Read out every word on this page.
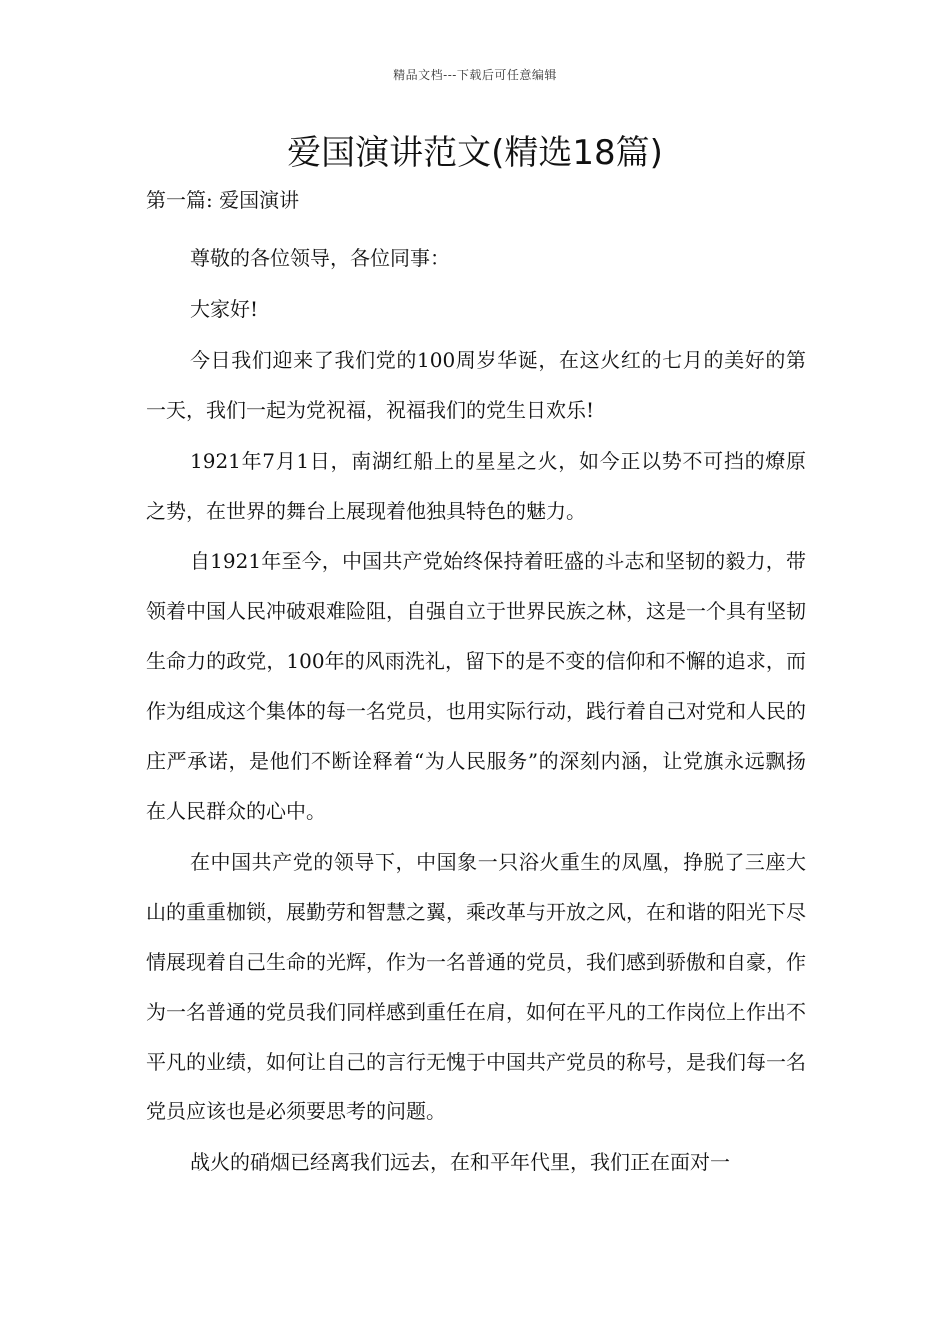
精品文档---下载后可任意编辑
爱国演讲范文(精选18篇)
第一篇: 爱国演讲

尊敬的各位领导，各位同事：

大家好!

今日我们迎来了我们党的100周岁华诞，在这火红的七月的美好的第一天，我们一起为党祝福，祝福我们的党生日欢乐!

1921年7月1日，南湖红船上的星星之火，如今正以势不可挡的燎原之势，在世界的舞台上展现着他独具特色的魅力。

自1921年至今，中国共产党始终保持着旺盛的斗志和坚韧的毅力，带领着中国人民冲破艰难险阻，自强自立于世界民族之林，这是一个具有坚韧生命力的政党，100年的风雨洗礼，留下的是不变的信仰和不懈的追求，而作为组成这个集体的每一名党员，也用实际行动，践行着自己对党和人民的庄严承诺，是他们不断诠释着“为人民服务”的深刻内涵，让党旗永远飘扬在人民群众的心中。

在中国共产党的领导下，中国象一只浴火重生的凤凰，挣脱了三座大山的重重枷锁，展勤劳和智慧之翼，乘改革与开放之风，在和谐的阳光下尽情展现着自己生命的光辉，作为一名普通的党员，我们感到骄傲和自豪，作为一名普通的党员我们同样感到重任在肩，如何在平凡的工作岗位上作出不平凡的业绩，如何让自己的言行无愧于中国共产党员的称号，是我们每一名党员应该也是必须要思考的问题。

战火的硝烟已经离我们远去，在和平年代里，我们正在面对一
